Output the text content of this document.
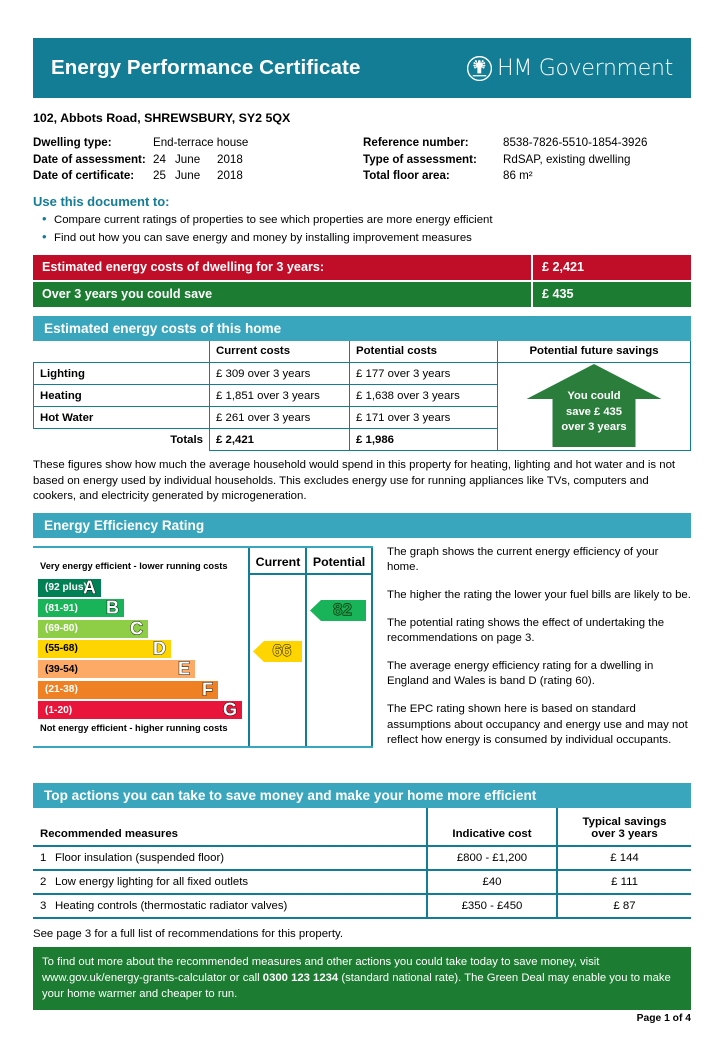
Energy Performance Certificate	HM Government
102, Abbots Road, SHREWSBURY, SY2 5QX
Dwelling type:	End-terrace house
Date of assessment: 24 June 2018
Date of certificate:	25 June 2018
Reference number:	8538-7826-5510-1854-3926
Type of assessment:	RdSAP, existing dwelling
Total floor area:	86 m²
Use this document to:
• Compare current ratings of properties to see which properties are more energy efficient
• Find out how you can save energy and money by installing improvement measures
Estimated energy costs of dwelling for 3 years:	£ 2,421
Over 3 years you could save	£ 435
Estimated energy costs of this home
	Current costs	Potential costs	Potential future savings
Lighting	£ 309 over 3 years	£ 177 over 3 years	You could
save £ 435
over 3 years

Heating	£ 1,851 over 3 years	£ 1,638 over 3 years	
Hot Water	£ 261 over 3 years	£ 171 over 3 years	
Totals	£ 2,421	£ 1,986	
These figures show how much the average household would spend in this property for heating, lighting and hot water and is not based on energy used by individual households. This excludes energy use for running appliances like TVs, computers and cookers, and electricity generated by microgeneration.
Energy Efficiency Rating
Current	Potential
Very energy efficient - lower running costs
Not energy efficient - higher running costs
(92 plus)
A
(81-91) B
(69-80)	C
(55-68)	D
(39-54)	E
(21-38)	F
(1-20)	G
66
82

The graph shows the current energy efficiency of your home.

The higher the rating the lower your fuel bills are likely to be.

The potential rating shows the effect of undertaking the recommendations on page 3.

The average energy efficiency rating for a dwelling in England and Wales is band D (rating 60).

The EPC rating shown here is based on standard assumptions about occupancy and energy use and may not reflect how energy is consumed by individual occupants.

Top actions you can take to save money and make your home more efficient
Recommended measures	Indicative cost	Typical savings
over 3 years

1 Floor insulation (suspended floor)	£800 - £1,200	£ 144
2 Low energy lighting for all fixed outlets	£40	£ 111
3 Heating controls (thermostatic radiator valves)	£350 - £450	£ 87
See page 3 for a full list of recommendations for this property.
To find out more about the recommended measures and other actions you could take today to save money, visit www.gov.uk/energy-grants-calculator or call 0300 123 1234 (standard national rate). The Green Deal may enable you to make your home warmer and cheaper to run.
Page 1 of 4
